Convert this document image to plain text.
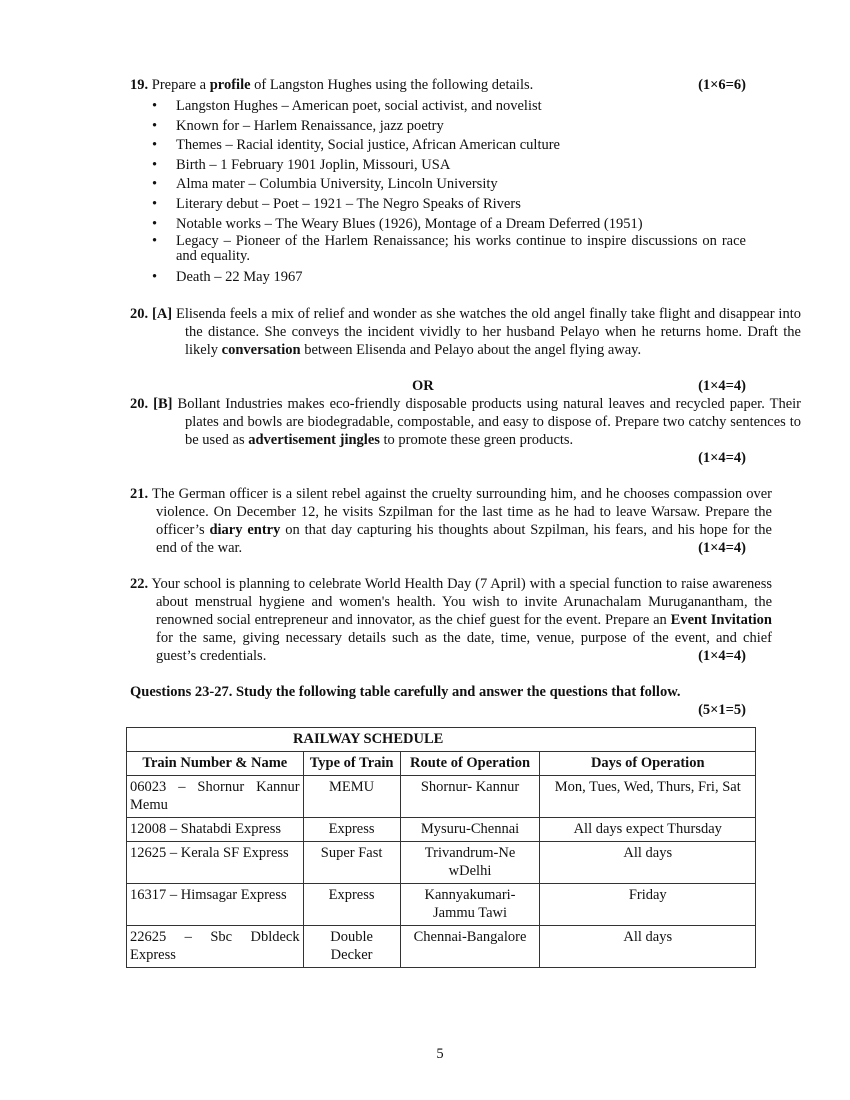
19. Prepare a profile of Langston Hughes using the following details.	(1×6=6)
• Langston Hughes – American poet, social activist, and novelist
• Known for – Harlem Renaissance, jazz poetry
• Themes – Racial identity, Social justice, African American culture
• Birth – 1 February 1901 Joplin, Missouri, USA
• Alma mater – Columbia University, Lincoln University
• Literary debut – Poet – 1921 – The Negro Speaks of Rivers
• Notable works – The Weary Blues (1926), Montage of a Dream Deferred (1951)
• Legacy – Pioneer of the Harlem Renaissance; his works continue to inspire discussions on race and equality.
• Death – 22 May 1967
20. [A] Elisenda feels a mix of relief and wonder as she watches the old angel finally take flight and disappear into the distance. She conveys the incident vividly to her husband Pelayo when he returns home. Draft the likely conversation between Elisenda and Pelayo about the angel flying away.
OR	(1×4=4)
20. [B] Bollant Industries makes eco-friendly disposable products using natural leaves and recycled paper. Their plates and bowls are biodegradable, compostable, and easy to dispose of. Prepare two catchy sentences to be used as advertisement jingles to promote these green products.
(1×4=4)
21. The German officer is a silent rebel against the cruelty surrounding him, and he chooses compassion over violence. On December 12, he visits Szpilman for the last time as he had to leave Warsaw. Prepare the officer’s diary entry on that day capturing his thoughts about Szpilman, his fears, and his hope for the end of the war.	(1×4=4)
22. Your school is planning to celebrate World Health Day (7 April) with a special function to raise awareness about menstrual hygiene and women's health. You wish to invite Arunachalam Muruganantham, the renowned social entrepreneur and innovator, as the chief guest for the event. Prepare an Event Invitation for the same, giving necessary details such as the date, time, venue, purpose of the event, and chief guest’s credentials.	(1×4=4)
Questions 23-27. Study the following table carefully and answer the questions that follow.
(5×1=5)
RAILWAY SCHEDULE			
Train Number & Name	Type of Train	Route of Operation	Days of Operation
06023 – Shornur Kannur Memu	MEMU	Shornur- Kannur	Mon, Tues, Wed, Thurs, Fri, Sat
12008 – Shatabdi Express	Express	Mysuru-Chennai	All days expect Thursday
12625 – Kerala SF Express	Super Fast	Trivandrum-NewDelhi	All days
16317 – Himsagar Express	Express	Kannyakumari-Jammu Tawi	Friday
22625 – Sbc Dbldeck Express	Double Decker	Chennai-Bangalore	All days
5
